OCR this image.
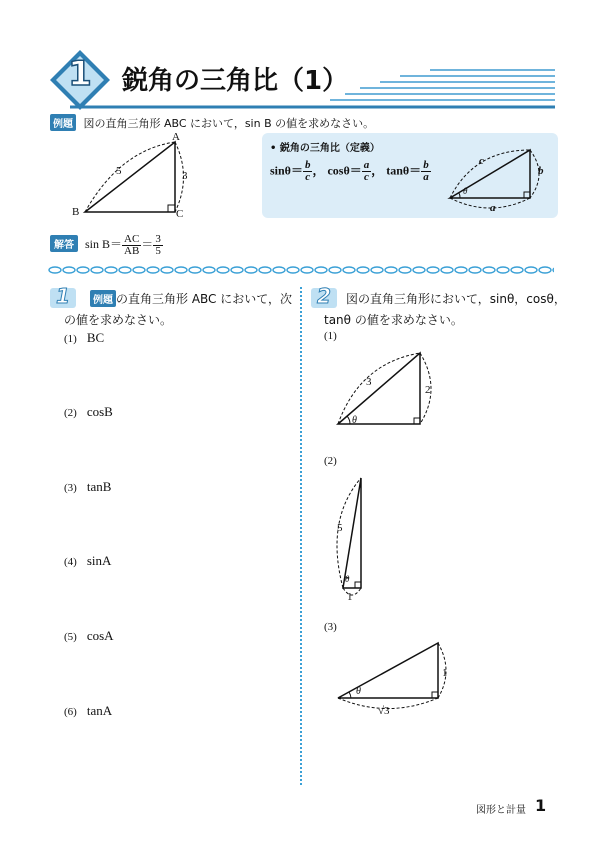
1	鋭角の三角比（1）
例題 図の直角三角形 ABC において，sin B の値を求めなさい。
A
B	C
5	3
• 鋭角の三角比（定義）
$\sin\theta= \frac{b}{c}$ ， $\cos\theta= \frac{a}{c}$ ， $\tan\theta= \frac{b}{a}$	c
b
a
θ
解答 $\sin B= \frac{AC}{AB} = \frac{3}{5}$
1	例題 の直角三角形 ABC において，次
の値を求めなさい。
(1) BC
(2) cosB
(3) tanB
(4) sinA
(5) cosA
(6) tanA
2	図の直角三角形において，sinθ，cosθ，
tanθ の値を求めなさい。
(1)
3
2
θ
(2)
5
1
θ
(3)
1
√3
θ
図形と計量 1
